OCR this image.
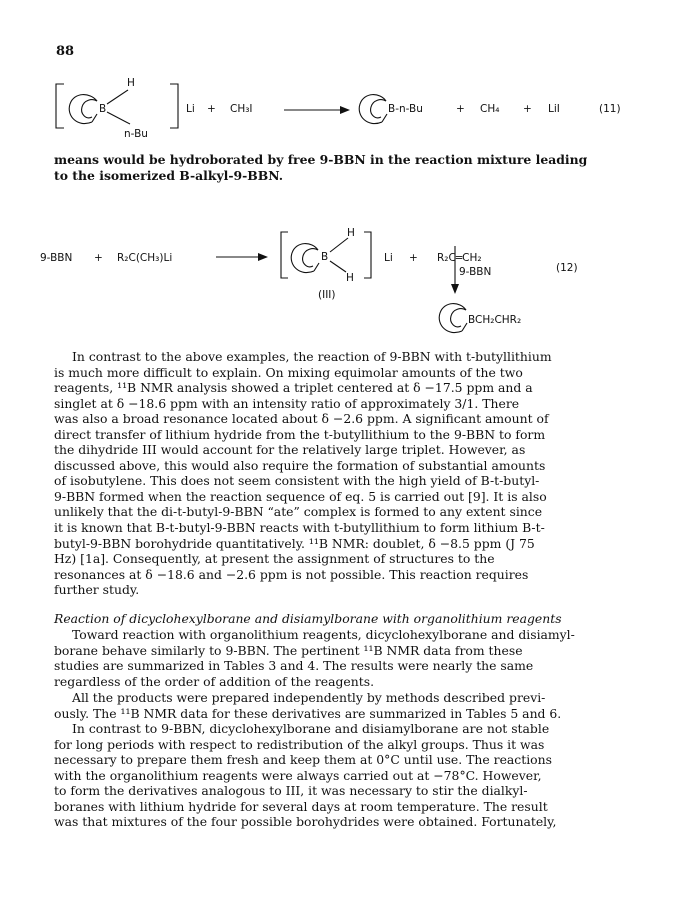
88
H
B
n-Bu
Li + CH₃I	B-n-Bu	+ CH₄ + LiI	(11)
means would be hydroborated by free 9-BBN in the reaction mixture leading
to the isomerized B-alkyl-9-BBN.
9-BBN + R₂C(CH₃)Li
H
B
H
Li + R₂C═CH₂
(III)
9-BBN	(12)
BCH₂CHR₂
In contrast to the above examples, the reaction of 9-BBN with t-butyllithium
is much more difficult to explain. On mixing equimolar amounts of the two
reagents, ¹¹B NMR analysis showed a triplet centered at δ −17.5 ppm and a
singlet at δ −18.6 ppm with an intensity ratio of approximately 3/1. There
was also a broad resonance located about δ −2.6 ppm. A significant amount of
direct transfer of lithium hydride from the t-butyllithium to the 9-BBN to form
the dihydride III would account for the relatively large triplet. However, as
discussed above, this would also require the formation of substantial amounts
of isobutylene. This does not seem consistent with the high yield of B-t-butyl-
9-BBN formed when the reaction sequence of eq. 5 is carried out [9]. It is also
unlikely that the di-t-butyl-9-BBN “ate” complex is formed to any extent since
it is known that B-t-butyl-9-BBN reacts with t-butyllithium to form lithium B-t-
butyl-9-BBN borohydride quantitatively. ¹¹B NMR: doublet, δ −8.5 ppm (J 75
Hz) [1a]. Consequently, at present the assignment of structures to the
resonances at δ −18.6 and −2.6 ppm is not possible. This reaction requires
further study.
Reaction of dicyclohexylborane and disiamylborane with organolithium reagents
Toward reaction with organolithium reagents, dicyclohexylborane and disiamyl-
borane behave similarly to 9-BBN. The pertinent ¹¹B NMR data from these
studies are summarized in Tables 3 and 4. The results were nearly the same
regardless of the order of addition of the reagents.
All the products were prepared independently by methods described previ-
ously. The ¹¹B NMR data for these derivatives are summarized in Tables 5 and 6.
In contrast to 9-BBN, dicyclohexylborane and disiamylborane are not stable
for long periods with respect to redistribution of the alkyl groups. Thus it was
necessary to prepare them fresh and keep them at 0°C until use. The reactions
with the organolithium reagents were always carried out at −78°C. However,
to form the derivatives analogous to III, it was necessary to stir the dialkyl-
boranes with lithium hydride for several days at room temperature. The result
was that mixtures of the four possible borohydrides were obtained. Fortunately,
